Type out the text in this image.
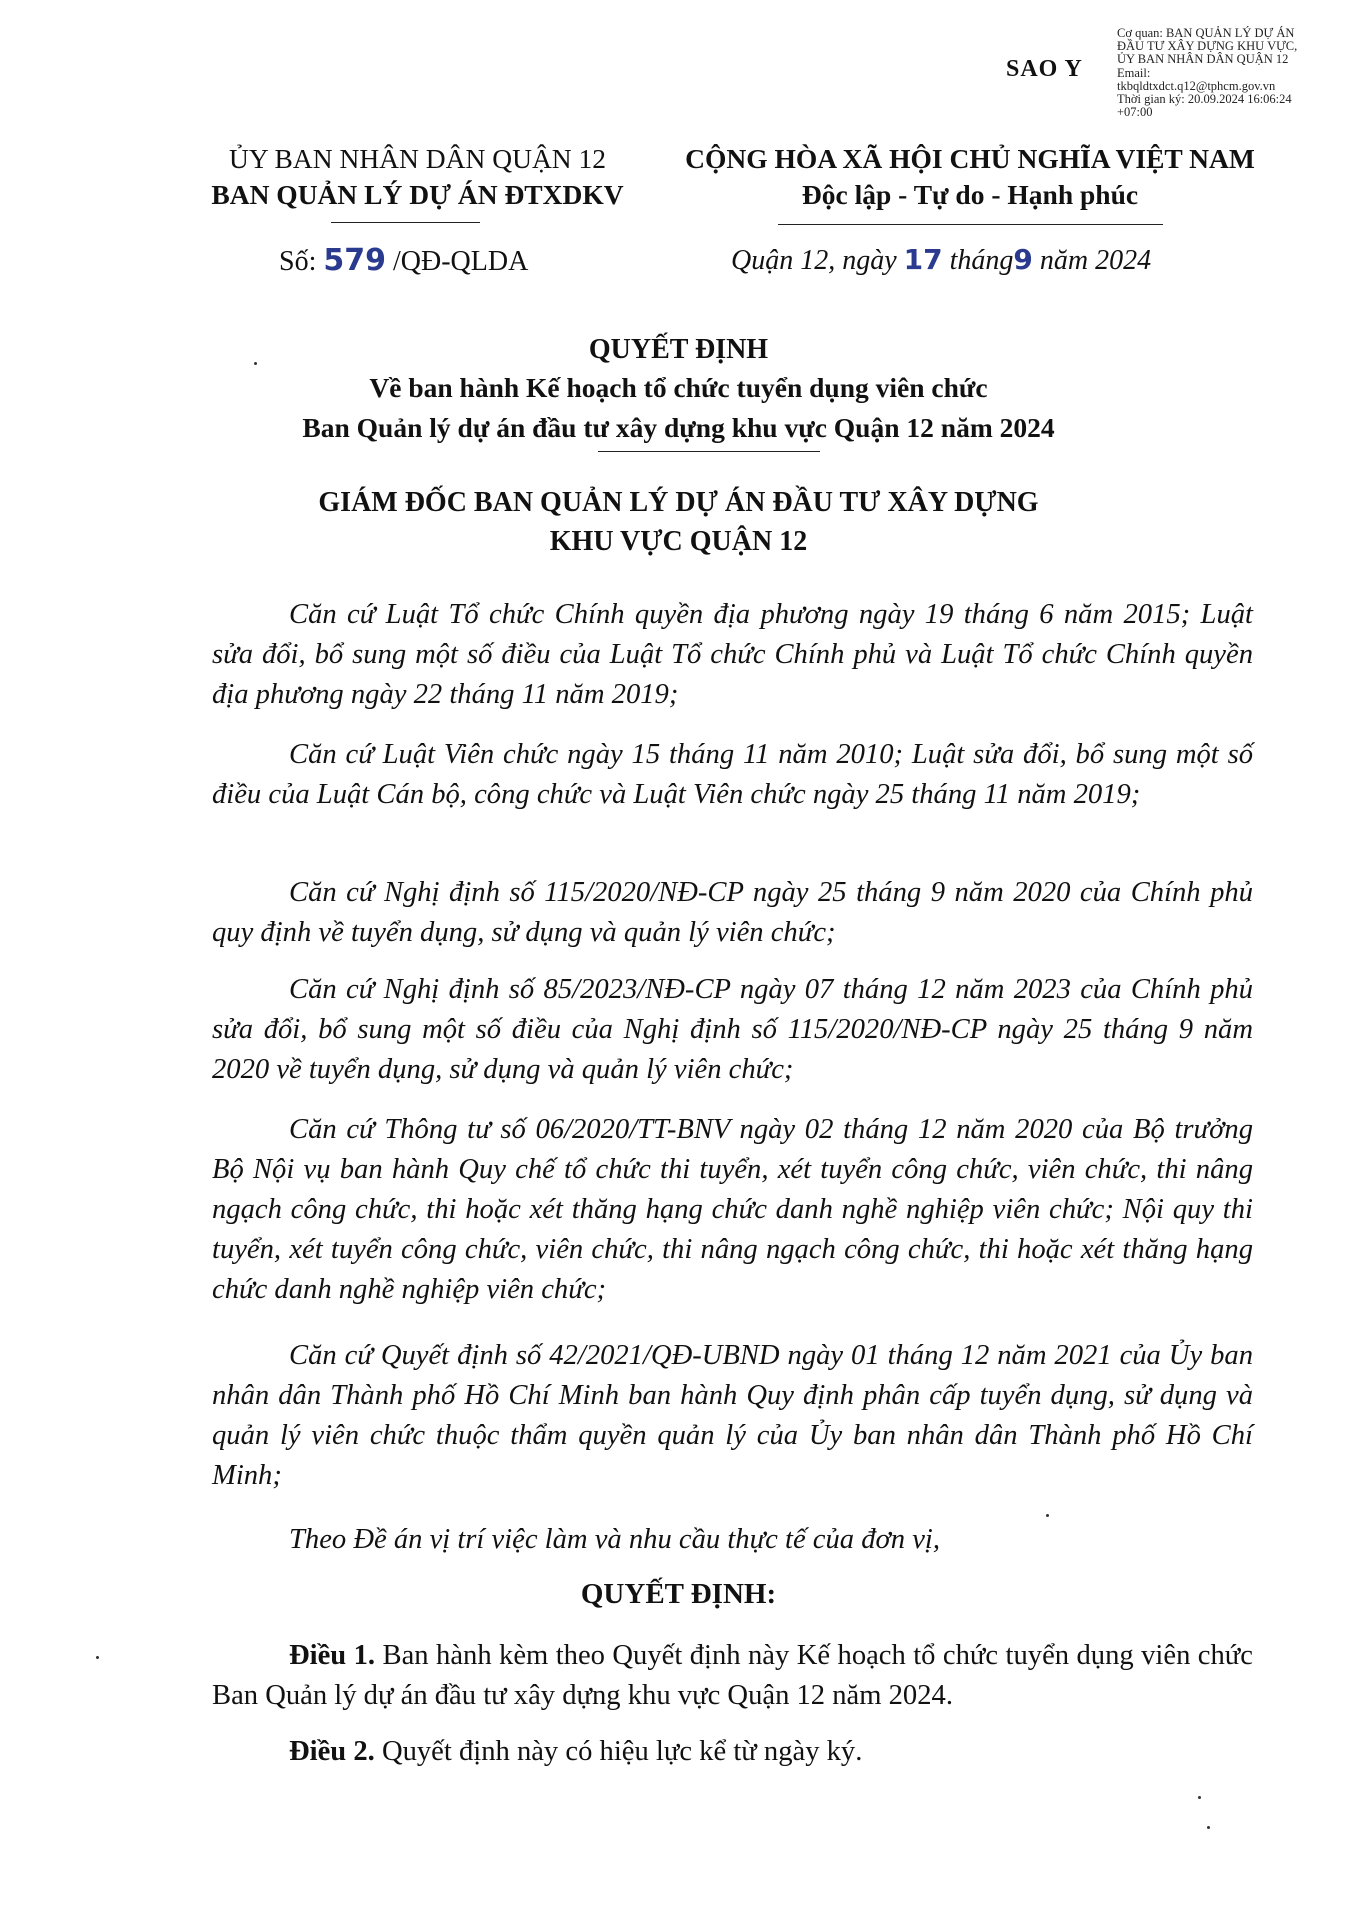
Cơ quan: BAN QUẢN LÝ DỰ ÁN
ĐẦU TƯ XÂY DỰNG KHU VỰC,
ỦY BAN NHÂN DÂN QUẬN 12
Email:
tkbqldtxdct.q12@tphcm.gov.vn
Thời gian ký: 20.09.2024 16:06:24
+07:00
SAO Y
ỦY BAN NHÂN DÂN QUẬN 12
BAN QUẢN LÝ DỰ ÁN ĐTXDKV
CỘNG HÒA XÃ HỘI CHỦ NGHĨA VIỆT NAM
Độc lập - Tự do - Hạnh phúc
Số: 579 /QĐ-QLDA	Quận 12, ngày 17 tháng9 năm 2024
QUYẾT ĐỊNH
Về ban hành Kế hoạch tổ chức tuyển dụng viên chức
Ban Quản lý dự án đầu tư xây dựng khu vực Quận 12 năm 2024
GIÁM ĐỐC BAN QUẢN LÝ DỰ ÁN ĐẦU TƯ XÂY DỰNG
KHU VỰC QUẬN 12
Căn cứ Luật Tổ chức Chính quyền địa phương ngày 19 tháng 6 năm 2015; Luật sửa đổi, bổ sung một số điều của Luật Tổ chức Chính phủ và Luật Tổ chức Chính quyền địa phương ngày 22 tháng 11 năm 2019;
Căn cứ Luật Viên chức ngày 15 tháng 11 năm 2010; Luật sửa đổi, bổ sung một số điều của Luật Cán bộ, công chức và Luật Viên chức ngày 25 tháng 11 năm 2019;
Căn cứ Nghị định số 115/2020/NĐ-CP ngày 25 tháng 9 năm 2020 của Chính phủ quy định về tuyển dụng, sử dụng và quản lý viên chức;
Căn cứ Nghị định số 85/2023/NĐ-CP ngày 07 tháng 12 năm 2023 của Chính phủ sửa đổi, bổ sung một số điều của Nghị định số 115/2020/NĐ-CP ngày 25 tháng 9 năm 2020 về tuyển dụng, sử dụng và quản lý viên chức;
Căn cứ Thông tư số 06/2020/TT-BNV ngày 02 tháng 12 năm 2020 của Bộ trưởng Bộ Nội vụ ban hành Quy chế tổ chức thi tuyển, xét tuyển công chức, viên chức, thi nâng ngạch công chức, thi hoặc xét thăng hạng chức danh nghề nghiệp viên chức; Nội quy thi tuyển, xét tuyển công chức, viên chức, thi nâng ngạch công chức, thi hoặc xét thăng hạng chức danh nghề nghiệp viên chức;
Căn cứ Quyết định số 42/2021/QĐ-UBND ngày 01 tháng 12 năm 2021 của Ủy ban nhân dân Thành phố Hồ Chí Minh ban hành Quy định phân cấp tuyển dụng, sử dụng và quản lý viên chức thuộc thẩm quyền quản lý của Ủy ban nhân dân Thành phố Hồ Chí Minh;
Theo Đề án vị trí việc làm và nhu cầu thực tế của đơn vị,
QUYẾT ĐỊNH:
Điều 1. Ban hành kèm theo Quyết định này Kế hoạch tổ chức tuyển dụng viên chức Ban Quản lý dự án đầu tư xây dựng khu vực Quận 12 năm 2024.
Điều 2. Quyết định này có hiệu lực kể từ ngày ký.
